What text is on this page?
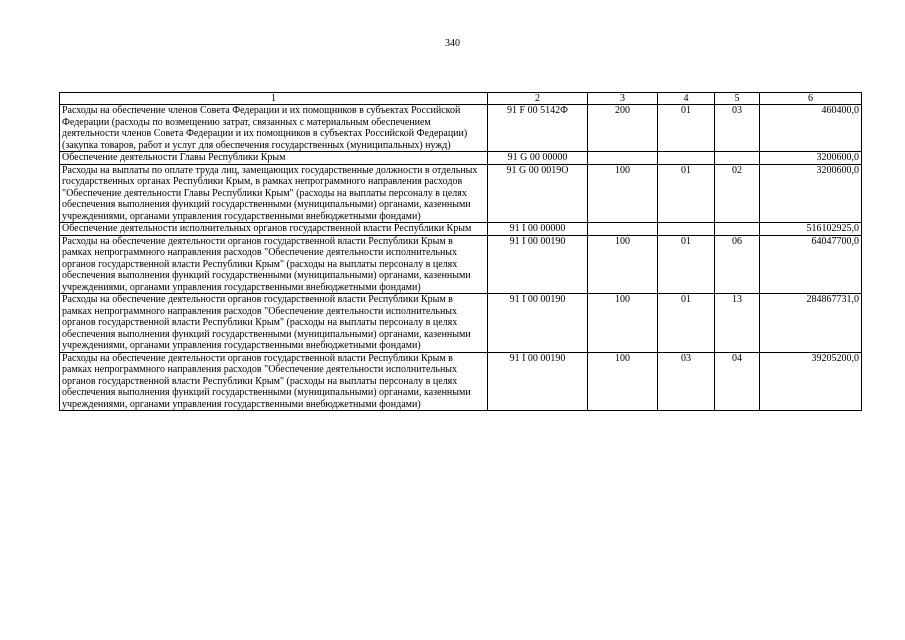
340
1	2	3	4	5	6
Расходы на обеспечение членов Совета Федерации и их помощников в субъектах Российской Федерации (расходы по возмещению затрат, связанных с материальным обеспечением деятельности членов Совета Федерации и их помощников в субъектах Российской Федерации) (закупка товаров, работ и услуг для обеспечения государственных (муниципальных) нужд)	91 F 00 5142Ф	200	01	03	460400,0
Обеспечение деятельности Главы Республики Крым	91 G 00 00000				3200600,0
Расходы на выплаты по оплате труда лиц, замещающих государственные должности в отдельных государственных органах Республики Крым, в рамках непрограммного направления расходов "Обеспечение деятельности Главы Республики Крым" (расходы на выплаты персоналу в целях обеспечения выполнения функций государственными (муниципальными) органами, казенными учреждениями, органами управления государственными внебюджетными фондами)	91 G 00 0019О	100	01	02	3200600,0
Обеспечение деятельности исполнительных органов государственной власти Республики Крым	91 I 00 00000				516102925,0
Расходы на обеспечение деятельности органов государственной власти Республики Крым в рамках непрограммного направления расходов "Обеспечение деятельности исполнительных органов государственной власти Республики Крым" (расходы на выплаты персоналу в целях обеспечения выполнения функций государственными (муниципальными) органами, казенными учреждениями, органами управления государственными внебюджетными фондами)	91 I 00 00190	100	01	06	64047700,0
Расходы на обеспечение деятельности органов государственной власти Республики Крым в рамках непрограммного направления расходов "Обеспечение деятельности исполнительных органов государственной власти Республики Крым" (расходы на выплаты персоналу в целях обеспечения выполнения функций государственными (муниципальными) органами, казенными учреждениями, органами управления государственными внебюджетными фондами)	91 I 00 00190	100	01	13	284867731,0
Расходы на обеспечение деятельности органов государственной власти Республики Крым в рамках непрограммного направления расходов "Обеспечение деятельности исполнительных органов государственной власти Республики Крым" (расходы на выплаты персоналу в целях обеспечения выполнения функций государственными (муниципальными) органами, казенными учреждениями, органами управления государственными внебюджетными фондами)	91 I 00 00190	100	03	04	39205200,0
